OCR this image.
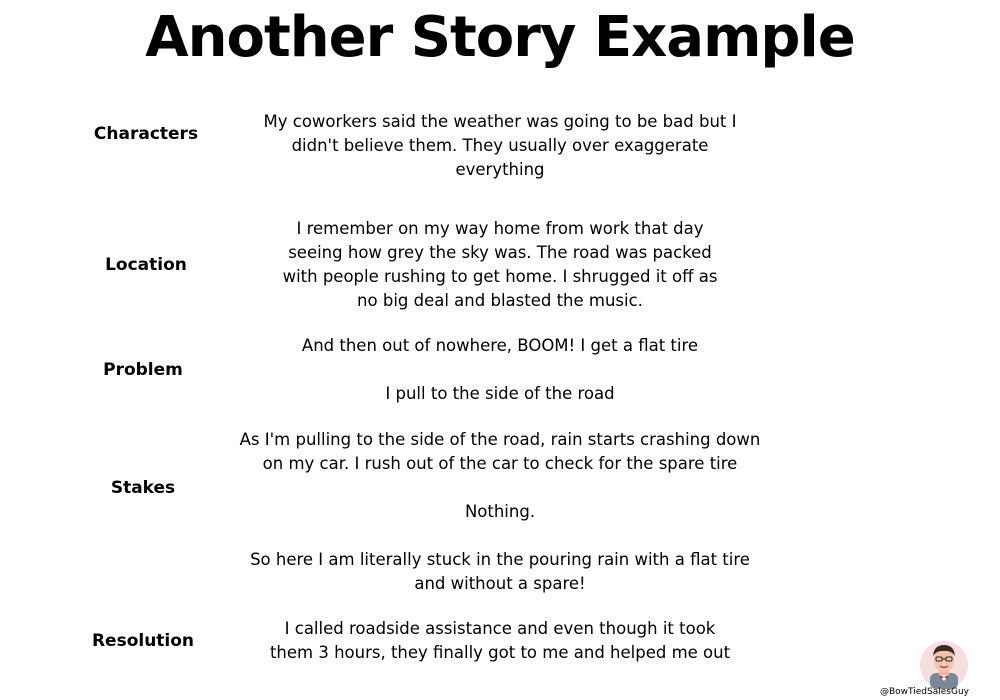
Another Story Example
Characters
My coworkers said the weather was going to be bad but I
didn't believe them. They usually over exaggerate
everything
Location
I remember on my way home from work that day
seeing how grey the sky was. The road was packed
with people rushing to get home. I shrugged it off as
no big deal and blasted the music.
Problem
And then out of nowhere, BOOM! I get a flat tire
I pull to the side of the road
Stakes
As I'm pulling to the side of the road, rain starts crashing down
on my car. I rush out of the car to check for the spare tire
Nothing.
So here I am literally stuck in the pouring rain with a flat tire
and without a spare!
Resolution
I called roadside assistance and even though it took
them 3 hours, they finally got to me and helped me out
@BowTiedSalesGuy
